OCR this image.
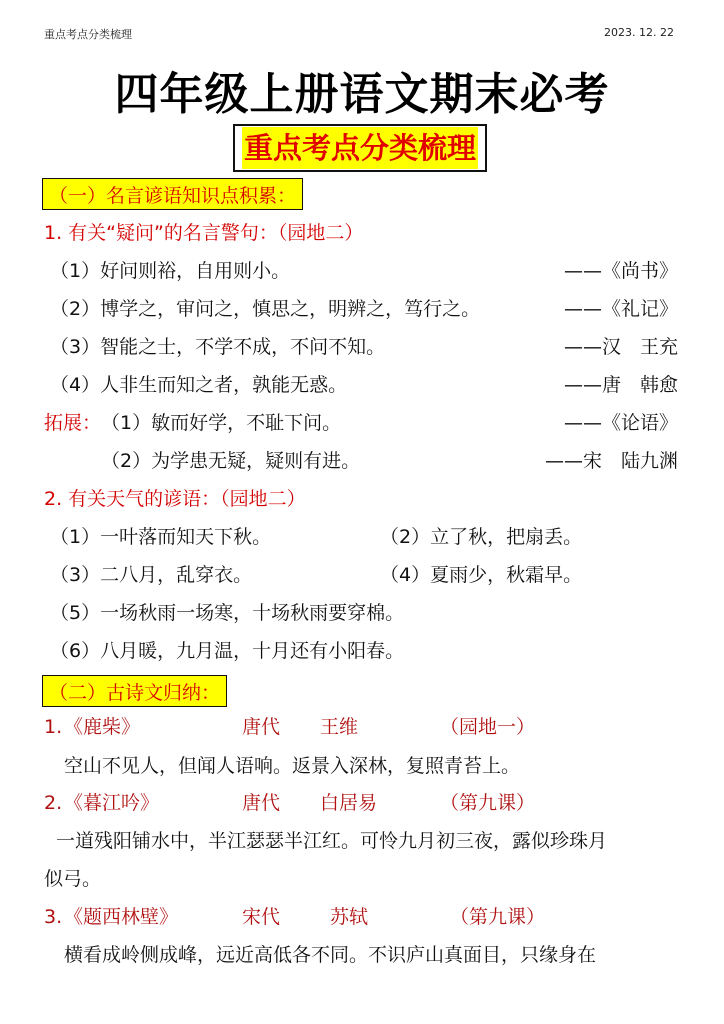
重点考点分类梳理	2023. 12. 22
四年级上册语文期末必考
重点考点分类梳理
（一）名言谚语知识点积累：
1. 有关“疑问”的名言警句：（园地二）
（1）好问则裕，自用则小。	——《尚书》
（2）博学之，审问之，慎思之，明辨之，笃行之。	——《礼记》
（3）智能之士，不学不成，不问不知。	——汉　王充
（4）人非生而知之者，孰能无惑。	——唐　韩愈
拓展： （1）敏而好学，不耻下问。	——《论语》
（2）为学患无疑，疑则有进。	——宋　陆九渊
2. 有关天气的谚语：（园地二）
（1）一叶落而知天下秋。	（2）立了秋，把扇丢。
（3）二八月，乱穿衣。	（4）夏雨少，秋霜早。
（5）一场秋雨一场寒，十场秋雨要穿棉。
（6）八月暖，九月温，十月还有小阳春。
（二）古诗文归纳：
1. 《鹿柴》	唐代 王维	（园地一）
空山不见人，但闻人语响。返景入深林，复照青苔上。
2. 《暮江吟》	唐代 白居易	（第九课）
一道残阳铺水中，半江瑟瑟半江红。可怜九月初三夜，露似珍珠月
似弓。
3. 《题西林壁》	宋代	苏轼	（第九课）
横看成岭侧成峰，远近高低各不同。不识庐山真面目，只缘身在
